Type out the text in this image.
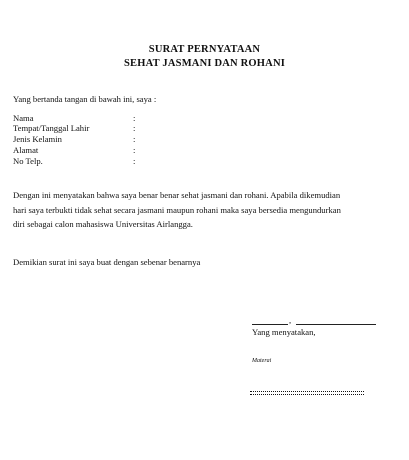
SURAT PERNYATAAN
SEHAT JASMANI DAN ROHANI
Yang bertanda tangan di bawah ini, saya :
Nama	:
Tempat/Tanggal Lahir	:
Jenis Kelamin	:
Alamat	:
No Telp.	:
Dengan ini menyatakan bahwa saya benar benar sehat jasmani dan rohani. Apabila dikemudian
hari saya terbukti tidak sehat secara jasmani maupun rohani maka saya bersedia mengundurkan
diri sebagai calon mahasiswa Universitas Airlangga.
Demikian surat ini saya buat dengan sebenar benarnya
,
Yang menyatakan,
Materai
